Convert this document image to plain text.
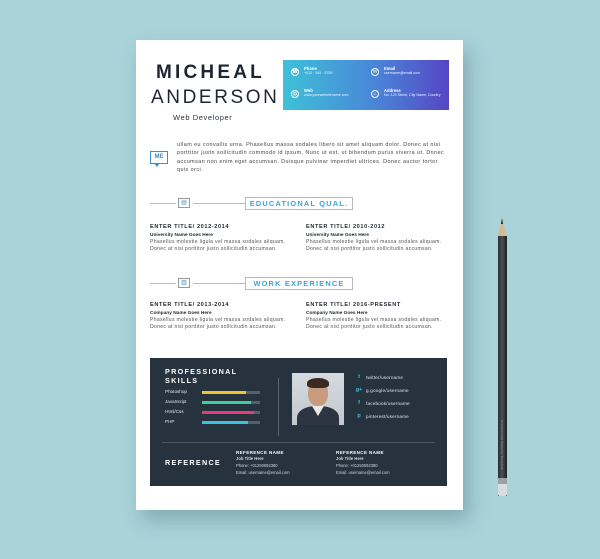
MICHEAL
ANDERSON
Web Developer
☎
Phone
+012 · 345 · 6789	✉
Email
username@email.com
◍
Web
www.yourwebsitename.com	⌂
Address
No. 123 Street, City Name, Country
ME
ullam eu convallis urna. Phasellus massa sodales libero sit amet aliquam dolor. Donec at nisi porttitor justo sollicitudin commodo id ipsum. Nunc ut est. ut bibendum purus viverra ut. Donec accumsan non enim eget accumsan. Duisque pulvinar imperdiet ultrices. Donec auctor tortor quis orci.
▤	EDUCATIONAL QUAL.
ENTER TITLE/ 2012-2014
University Name Goes Here
Phasellus molestie ligula vel massa sodales aliquam. Donec at nisi porttitor justo sollicitudin accumsan.
ENTER TITLE/ 2010-2012
University Name Goes Here
Phasellus molestie ligula vel massa sodales aliquam. Donec at nisi porttitor justo sollicitudin accumsan.
▥	WORK EXPERIENCE
ENTER TITLE/ 2013-2014
Company Name Goes Here
Phasellus molestie ligula vel massa sodales aliquam. Donec at nisi porttitor justo sollicitudin accumsan.
ENTER TITLE/ 2016-PRESENT
Company Name Goes Here
Phasellus molestie ligula vel massa sodales aliquam. Donec at nisi porttitor justo sollicitudin accumsan.
PROFESSIONAL
SKILLS
Photoshop
JavaScript
Html/Css
PHP
t	twitter/username
g+ g.google/username
f	facebook/username
p	pinterest/username
REFERENCE
REFERENCE NAME
Job Title Here
Phone: +01250692380
Email: username@email.com
REFERENCE NAME
Job Title Here
Phone: +01250692380
Email: username@email.com
Professional Resume Template
